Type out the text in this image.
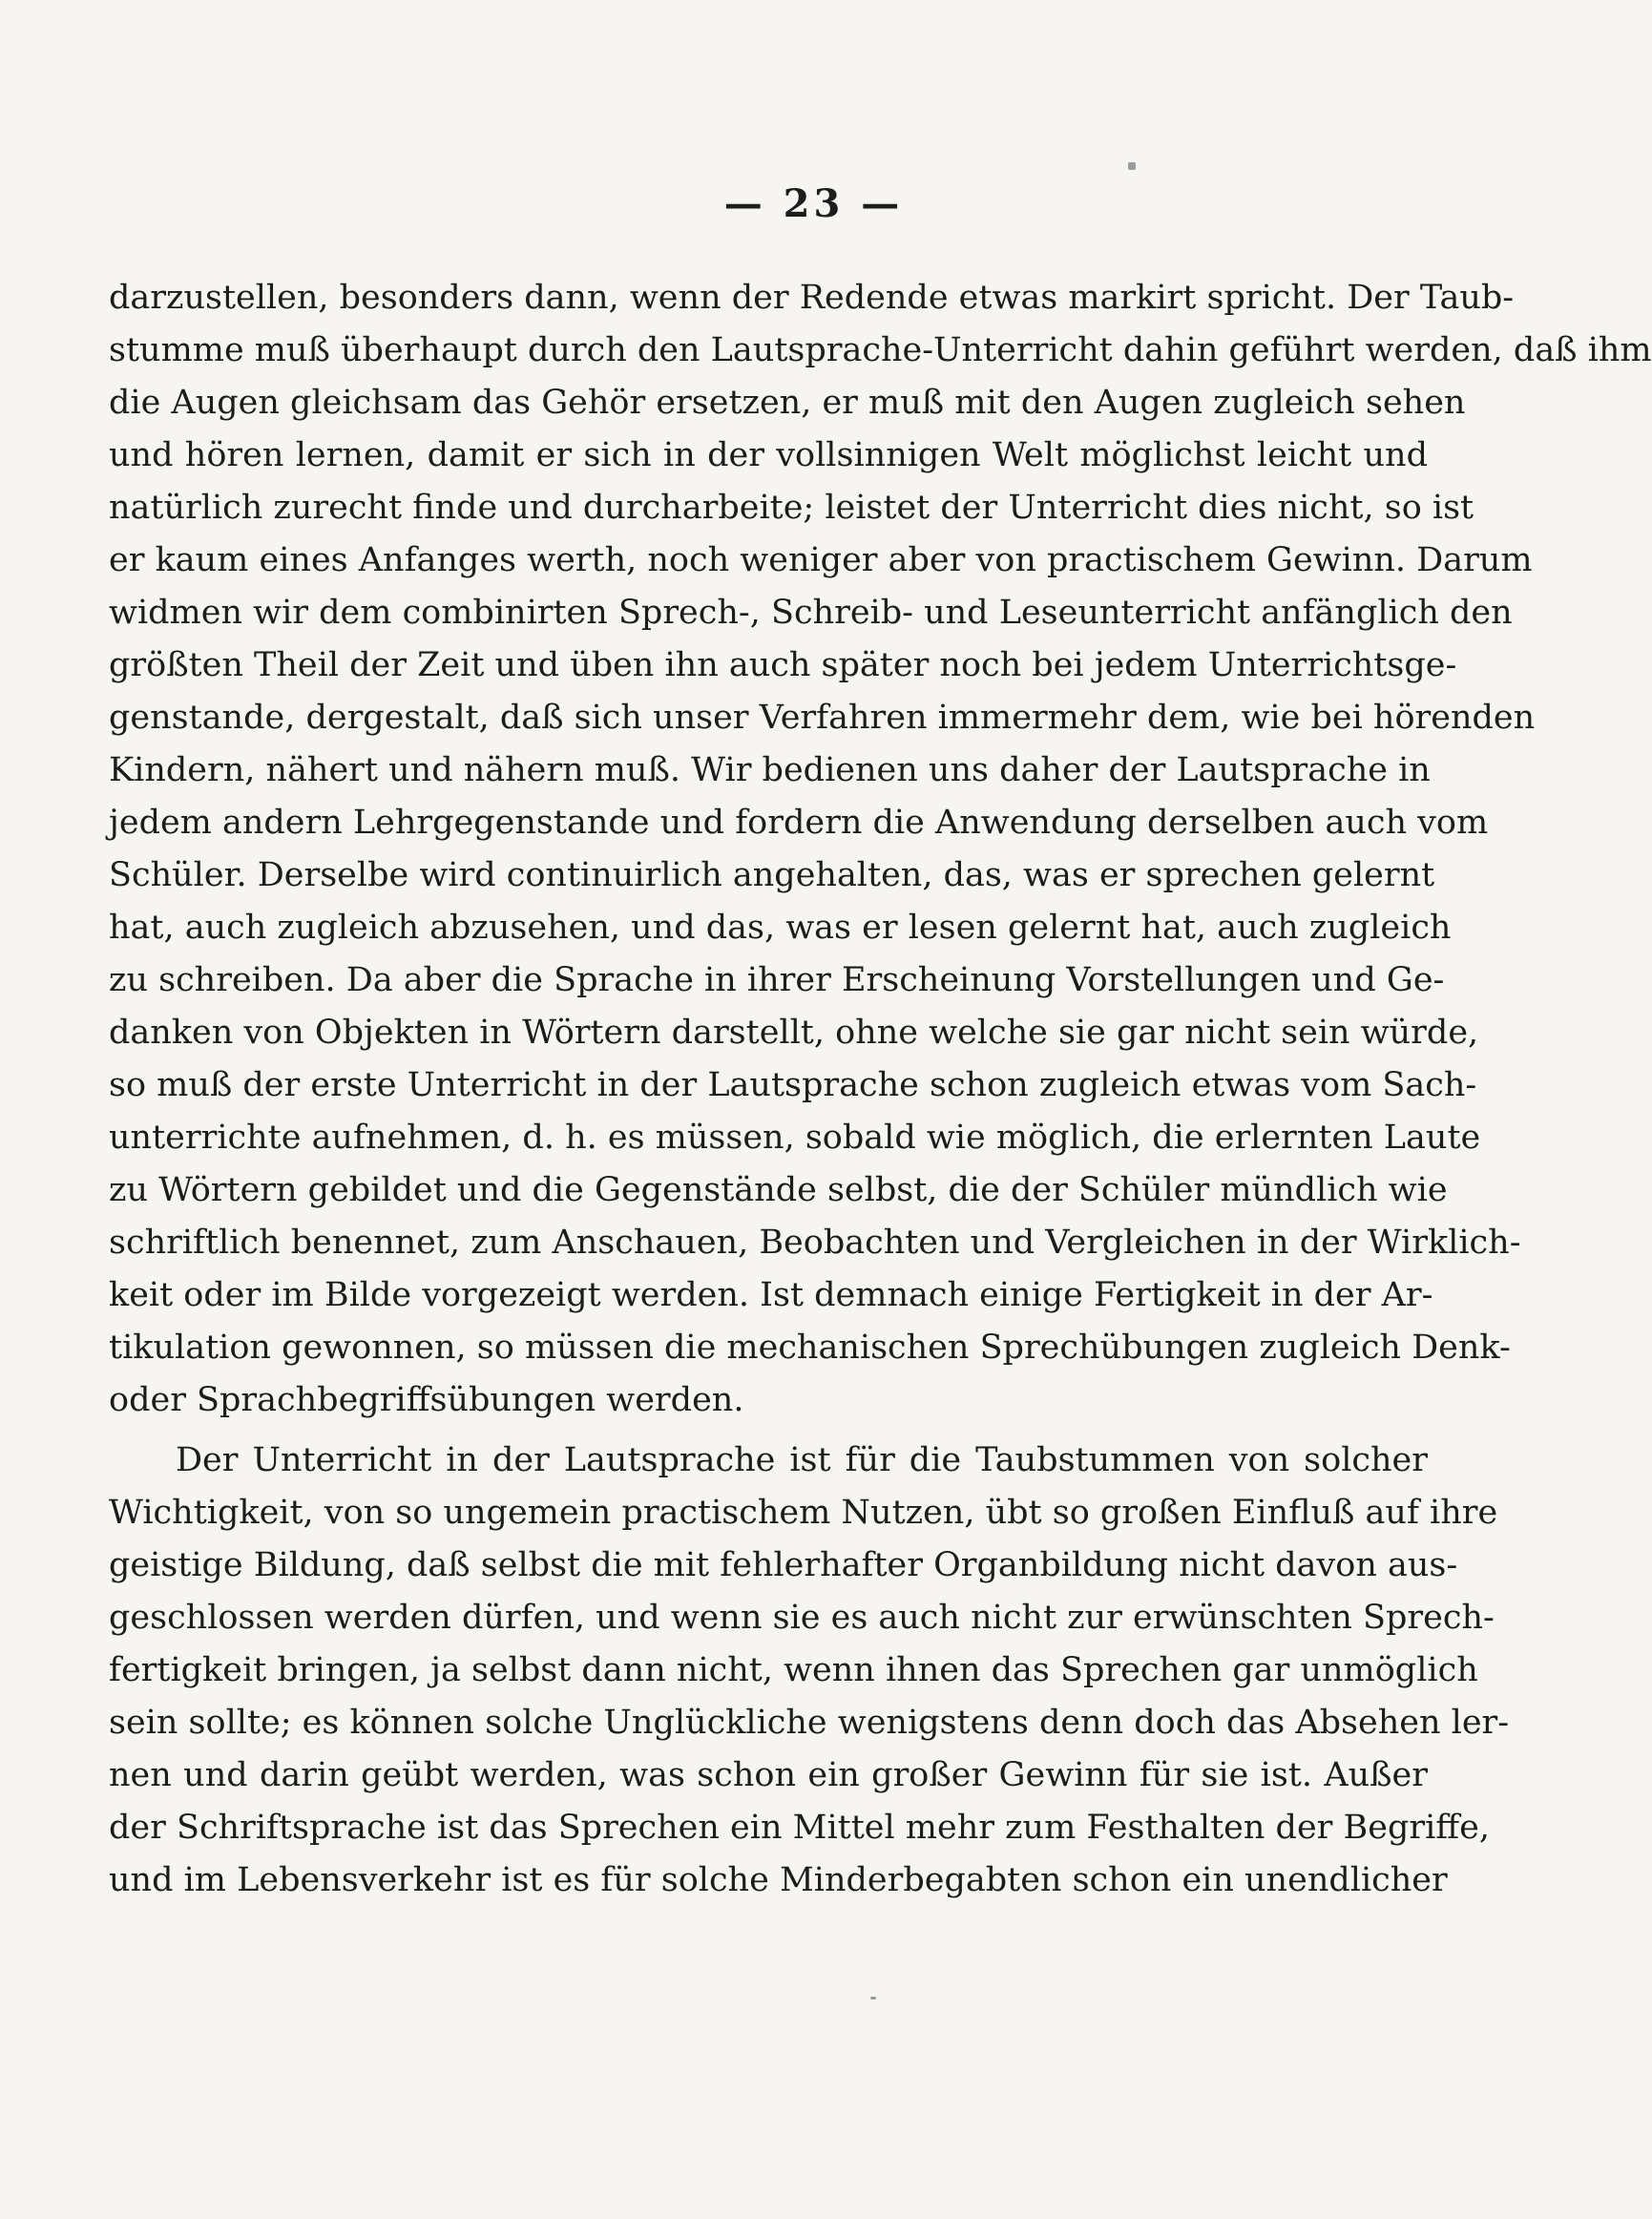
— 23 —
darzustellen, besonders dann, wenn der Redende etwas markirt spricht. Der Taub-
stumme muß überhaupt durch den Lautsprache-Unterricht dahin geführt werden, daß ihm
die Augen gleichsam das Gehör ersetzen, er muß mit den Augen zugleich sehen
und hören lernen, damit er sich in der vollsinnigen Welt möglichst leicht und
natürlich zurecht finde und durcharbeite; leistet der Unterricht dies nicht, so ist
er kaum eines Anfanges werth, noch weniger aber von practischem Gewinn. Darum
widmen wir dem combinirten Sprech-, Schreib- und Leseunterricht anfänglich den
größten Theil der Zeit und üben ihn auch später noch bei jedem Unterrichtsge-
genstande, dergestalt, daß sich unser Verfahren immermehr dem, wie bei hörenden
Kindern, nähert und nähern muß. Wir bedienen uns daher der Lautsprache in
jedem andern Lehrgegenstande und fordern die Anwendung derselben auch vom
Schüler. Derselbe wird continuirlich angehalten, das, was er sprechen gelernt
hat, auch zugleich abzusehen, und das, was er lesen gelernt hat, auch zugleich
zu schreiben. Da aber die Sprache in ihrer Erscheinung Vorstellungen und Ge-
danken von Objekten in Wörtern darstellt, ohne welche sie gar nicht sein würde,
so muß der erste Unterricht in der Lautsprache schon zugleich etwas vom Sach-
unterrichte aufnehmen, d. h. es müssen, sobald wie möglich, die erlernten Laute
zu Wörtern gebildet und die Gegenstände selbst, die der Schüler mündlich wie
schriftlich benennet, zum Anschauen, Beobachten und Vergleichen in der Wirklich-
keit oder im Bilde vorgezeigt werden. Ist demnach einige Fertigkeit in der Ar-
tikulation gewonnen, so müssen die mechanischen Sprechübungen zugleich Denk-
oder Sprachbegriffsübungen werden.
Der Unterricht in der Lautsprache ist für die Taubstummen von solcher
Wichtigkeit, von so ungemein practischem Nutzen, übt so großen Einfluß auf ihre
geistige Bildung, daß selbst die mit fehlerhafter Organbildung nicht davon aus-
geschlossen werden dürfen, und wenn sie es auch nicht zur erwünschten Sprech-
fertigkeit bringen, ja selbst dann nicht, wenn ihnen das Sprechen gar unmöglich
sein sollte; es können solche Unglückliche wenigstens denn doch das Absehen ler-
nen und darin geübt werden, was schon ein großer Gewinn für sie ist. Außer
der Schriftsprache ist das Sprechen ein Mittel mehr zum Festhalten der Begriffe,
und im Lebensverkehr ist es für solche Minderbegabten schon ein unendlicher
